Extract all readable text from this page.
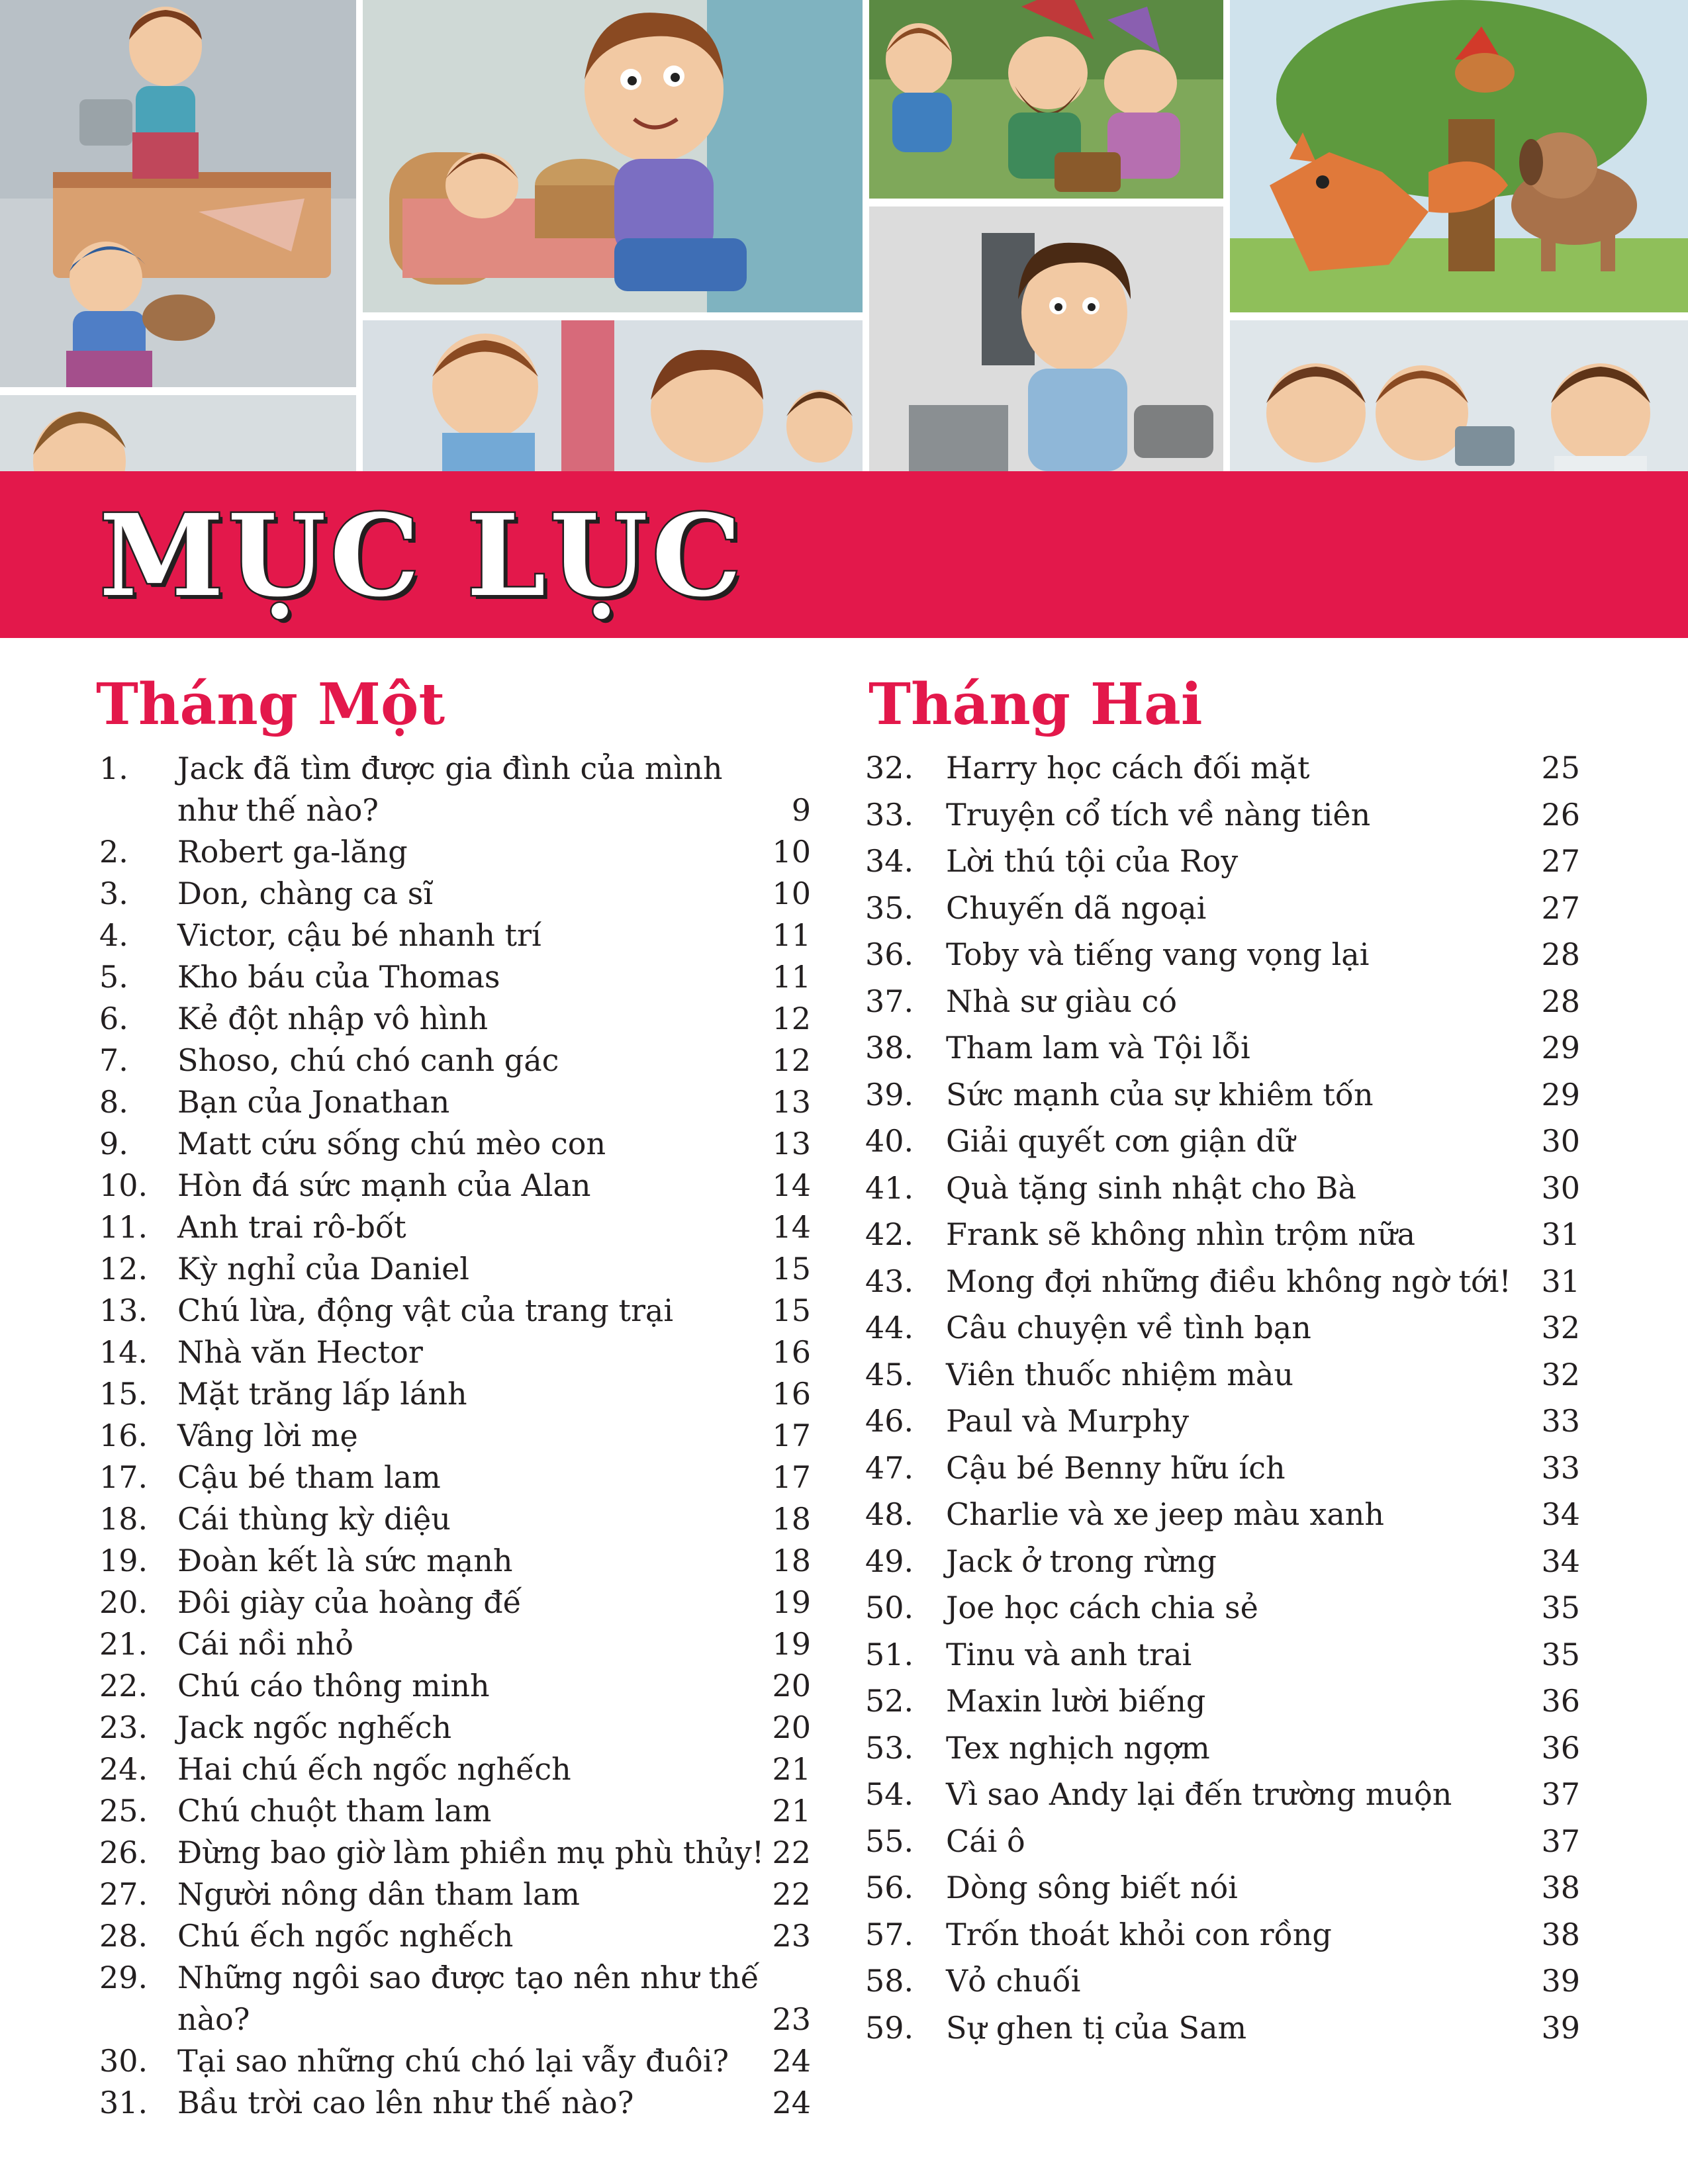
MỤC LỤC
Tháng Một
1. Jack đã tìm được gia đình của mình như thế nào?	9
2. Robert ga-lăng	10
3. Don, chàng ca sĩ	10
4. Victor, cậu bé nhanh trí	11
5. Kho báu của Thomas	11
6. Kẻ đột nhập vô hình	12
7. Shoso, chú chó canh gác	12
8. Bạn của Jonathan	13
9. Matt cứu sống chú mèo con	13
10. Hòn đá sức mạnh của Alan	14
11. Anh trai rô-bốt	14
12. Kỳ nghỉ của Daniel	15
13. Chú lừa, động vật của trang trại	15
14. Nhà văn Hector	16
15. Mặt trăng lấp lánh	16
16. Vâng lời mẹ	17
17. Cậu bé tham lam	17
18. Cái thùng kỳ diệu	18
19. Đoàn kết là sức mạnh	18
20. Đôi giày của hoàng đế	19
21. Cái nồi nhỏ	19
22. Chú cáo thông minh	20
23. Jack ngốc nghếch	20
24. Hai chú ếch ngốc nghếch	21
25. Chú chuột tham lam	21
26. Đừng bao giờ làm phiền mụ phù thủy! 22
27. Người nông dân tham lam	22
28. Chú ếch ngốc nghếch	23
29. Những ngôi sao được tạo nên như thế nào?	23
30. Tại sao những chú chó lại vẫy đuôi?	24
31. Bầu trời cao lên như thế nào?	24
Tháng Hai
32. Harry học cách đối mặt	25
33. Truyện cổ tích về nàng tiên	26
34. Lời thú tội của Roy	27
35. Chuyến dã ngoại	27
36. Toby và tiếng vang vọng lại	28
37. Nhà sư giàu có	28
38. Tham lam và Tội lỗi	29
39. Sức mạnh của sự khiêm tốn	29
40. Giải quyết cơn giận dữ	30
41. Quà tặng sinh nhật cho Bà	30
42. Frank sẽ không nhìn trộm nữa	31
43. Mong đợi những điều không ngờ tới! 31
44. Câu chuyện về tình bạn	32
45. Viên thuốc nhiệm màu	32
46. Paul và Murphy	33
47. Cậu bé Benny hữu ích	33
48. Charlie và xe jeep màu xanh	34
49. Jack ở trong rừng	34
50. Joe học cách chia sẻ	35
51. Tinu và anh trai	35
52. Maxin lười biếng	36
53. Tex nghịch ngợm	36
54. Vì sao Andy lại đến trường muộn	37
55. Cái ô	37
56. Dòng sông biết nói	38
57. Trốn thoát khỏi con rồng	38
58. Vỏ chuối	39
59. Sự ghen tị của Sam	39
